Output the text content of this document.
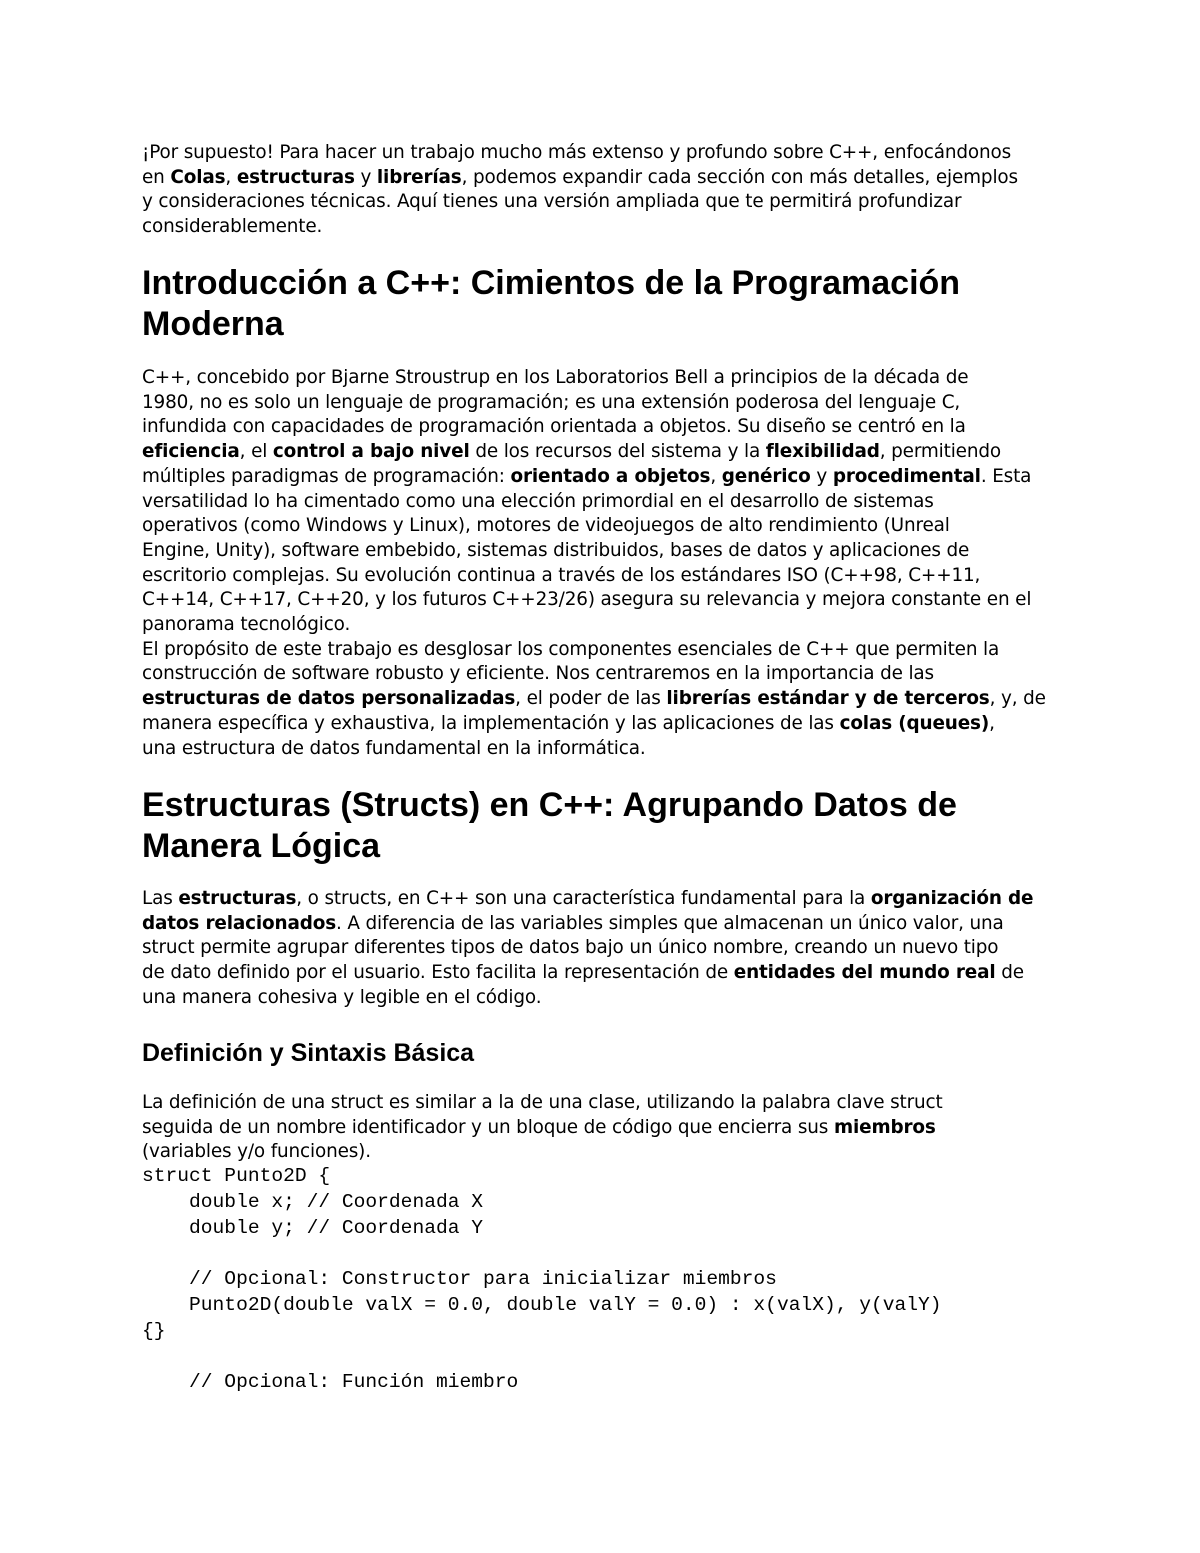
¡Por supuesto! Para hacer un trabajo mucho más extenso y profundo sobre C++, enfocándonos

en Colas, estructuras y librerías, podemos expandir cada sección con más detalles, ejemplos

y consideraciones técnicas. Aquí tienes una versión ampliada que te permitirá profundizar

considerablemente.

Introducción a C++: Cimientos de la Programación

Moderna

C++, concebido por Bjarne Stroustrup en los Laboratorios Bell a principios de la década de

1980, no es solo un lenguaje de programación; es una extensión poderosa del lenguaje C,

infundida con capacidades de programación orientada a objetos. Su diseño se centró en la

eficiencia, el control a bajo nivel de los recursos del sistema y la flexibilidad, permitiendo

múltiples paradigmas de programación: orientado a objetos, genérico y procedimental. Esta

versatilidad lo ha cimentado como una elección primordial en el desarrollo de sistemas

operativos (como Windows y Linux), motores de videojuegos de alto rendimiento (Unreal

Engine, Unity), software embebido, sistemas distribuidos, bases de datos y aplicaciones de

escritorio complejas. Su evolución continua a través de los estándares ISO (C++98, C++11,

C++14, C++17, C++20, y los futuros C++23/26) asegura su relevancia y mejora constante en el

panorama tecnológico.

El propósito de este trabajo es desglosar los componentes esenciales de C++ que permiten la

construcción de software robusto y eficiente. Nos centraremos en la importancia de las

estructuras de datos personalizadas, el poder de las librerías estándar y de terceros, y, de

manera específica y exhaustiva, la implementación y las aplicaciones de las colas (queues),

una estructura de datos fundamental en la informática.

Estructuras (Structs) en C++: Agrupando Datos de

Manera Lógica

Las estructuras, o structs, en C++ son una característica fundamental para la organización de

datos relacionados. A diferencia de las variables simples que almacenan un único valor, una

struct permite agrupar diferentes tipos de datos bajo un único nombre, creando un nuevo tipo

de dato definido por el usuario. Esto facilita la representación de entidades del mundo real de

una manera cohesiva y legible en el código.

Definición y Sintaxis Básica

La definición de una struct es similar a la de una clase, utilizando la palabra clave struct

seguida de un nombre identificador y un bloque de código que encierra sus miembros

(variables y/o funciones).

struct Punto2D {

double x; // Coordenada X

double y; // Coordenada Y

// Opcional: Constructor para inicializar miembros

Punto2D(double valX = 0.0, double valY = 0.0) : x(valX), y(valY)

{}

// Opcional: Función miembro
